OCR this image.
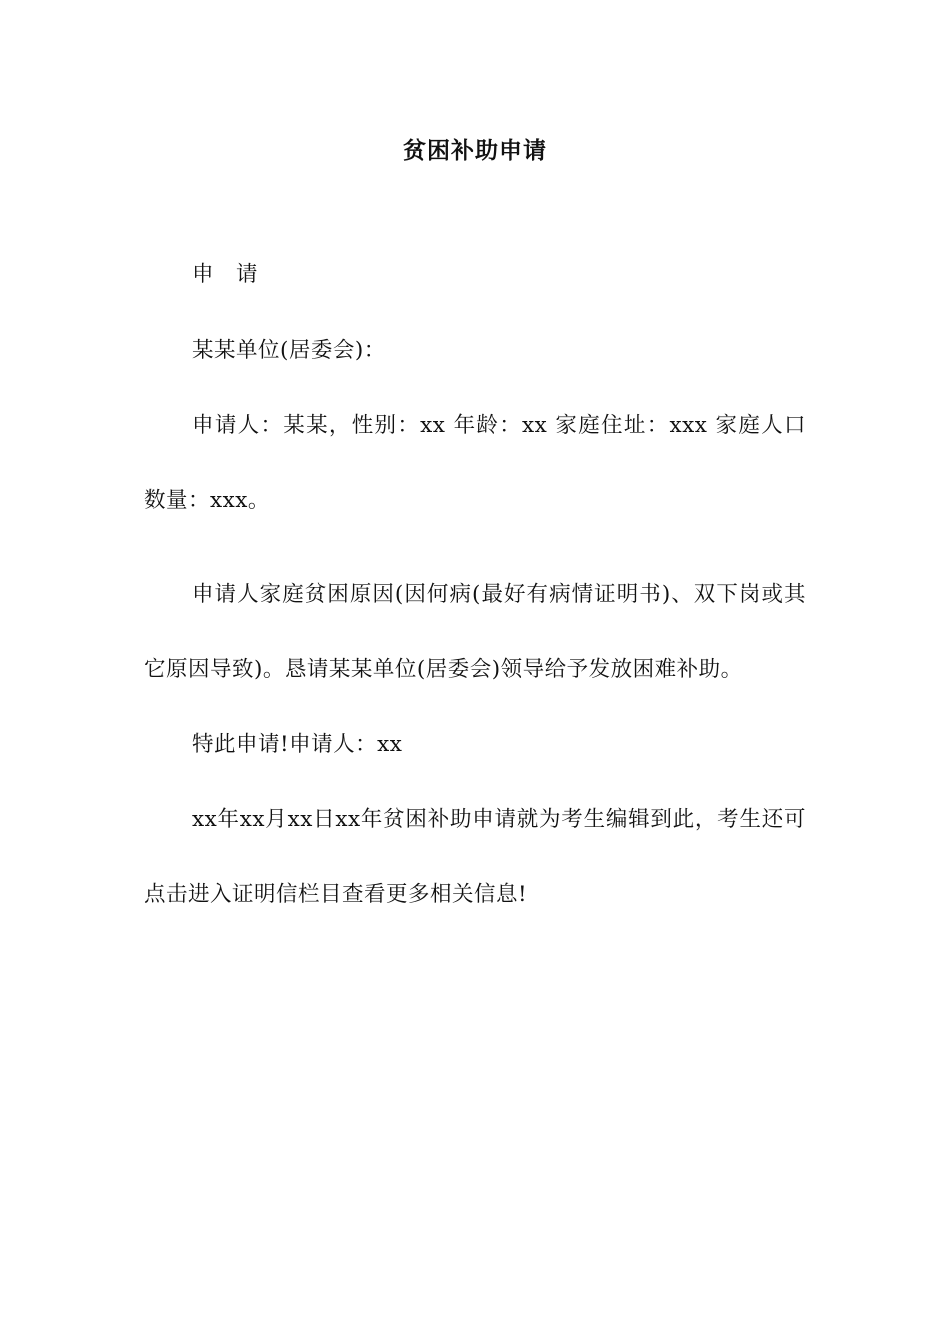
贫困补助申请

申　请

某某单位(居委会)：

申请人：某某，性别：xx 年龄：xx 家庭住址：xxx 家庭人口数量：xxx。

申请人家庭贫困原因(因何病(最好有病情证明书)、双下岗或其它原因导致)。恳请某某单位(居委会)领导给予发放困难补助。

特此申请!申请人：xx

xx年xx月xx日xx年贫困补助申请就为考生编辑到此，考生还可点击进入证明信栏目查看更多相关信息!
